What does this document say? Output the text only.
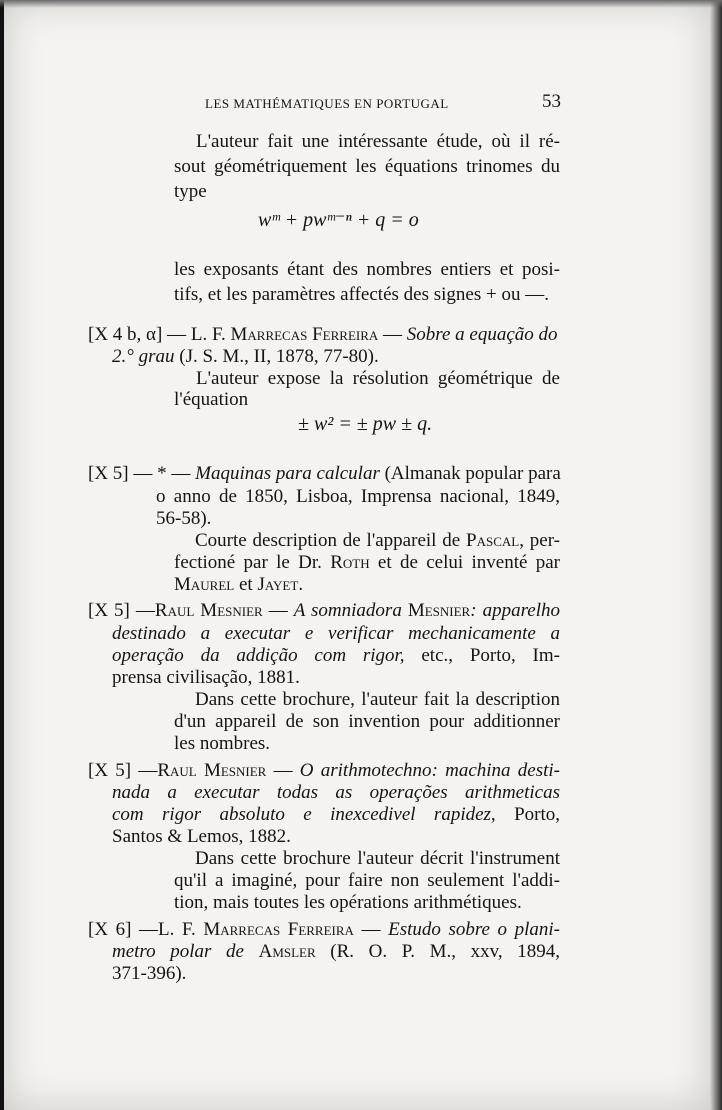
LES MATHÉMATIQUES EN PORTUGAL	53
L'auteur fait une intéressante étude, où il ré-
sout géométriquement les équations trinomes du
type
wᵐ + pwᵐ⁻ⁿ + q = o
les exposants étant des nombres entiers et posi-
tifs, et les paramètres affectés des signes + ou —.
[X 4 b, α] — L. F. Marrecas Ferreira — Sobre a equação do
2.° grau (J. S. M., II, 1878, 77-80).
L'auteur expose la résolution géométrique de
l'équation
± w² = ± pw ± q.
[X 5] — * — Maquinas para calcular (Almanak popular para
o anno de 1850, Lisboa, Imprensa nacional, 1849,
56-58).
Courte description de l'appareil de Pascal, per-
fectioné par le Dr. Roth et de celui inventé par
Maurel et Jayet.
[X 5] —Raul Mesnier — A somniadora Mesnier: apparelho
destinado a executar e verificar mechanicamente a
operação da addição com rigor, etc., Porto, Im-
prensa civilisação, 1881.
Dans cette brochure, l'auteur fait la description
d'un appareil de son invention pour additionner
les nombres.
[X 5] —Raul Mesnier — O arithmotechno: machina desti-
nada a executar todas as operações arithmeticas
com rigor absoluto e inexcedivel rapidez, Porto,
Santos & Lemos, 1882.
Dans cette brochure l'auteur décrit l'instrument
qu'il a imaginé, pour faire non seulement l'addi-
tion, mais toutes les opérations arithmétiques.
[X 6] —L. F. Marrecas Ferreira — Estudo sobre o plani-
metro polar de Amsler (R. O. P. M., xxv, 1894,
371-396).
